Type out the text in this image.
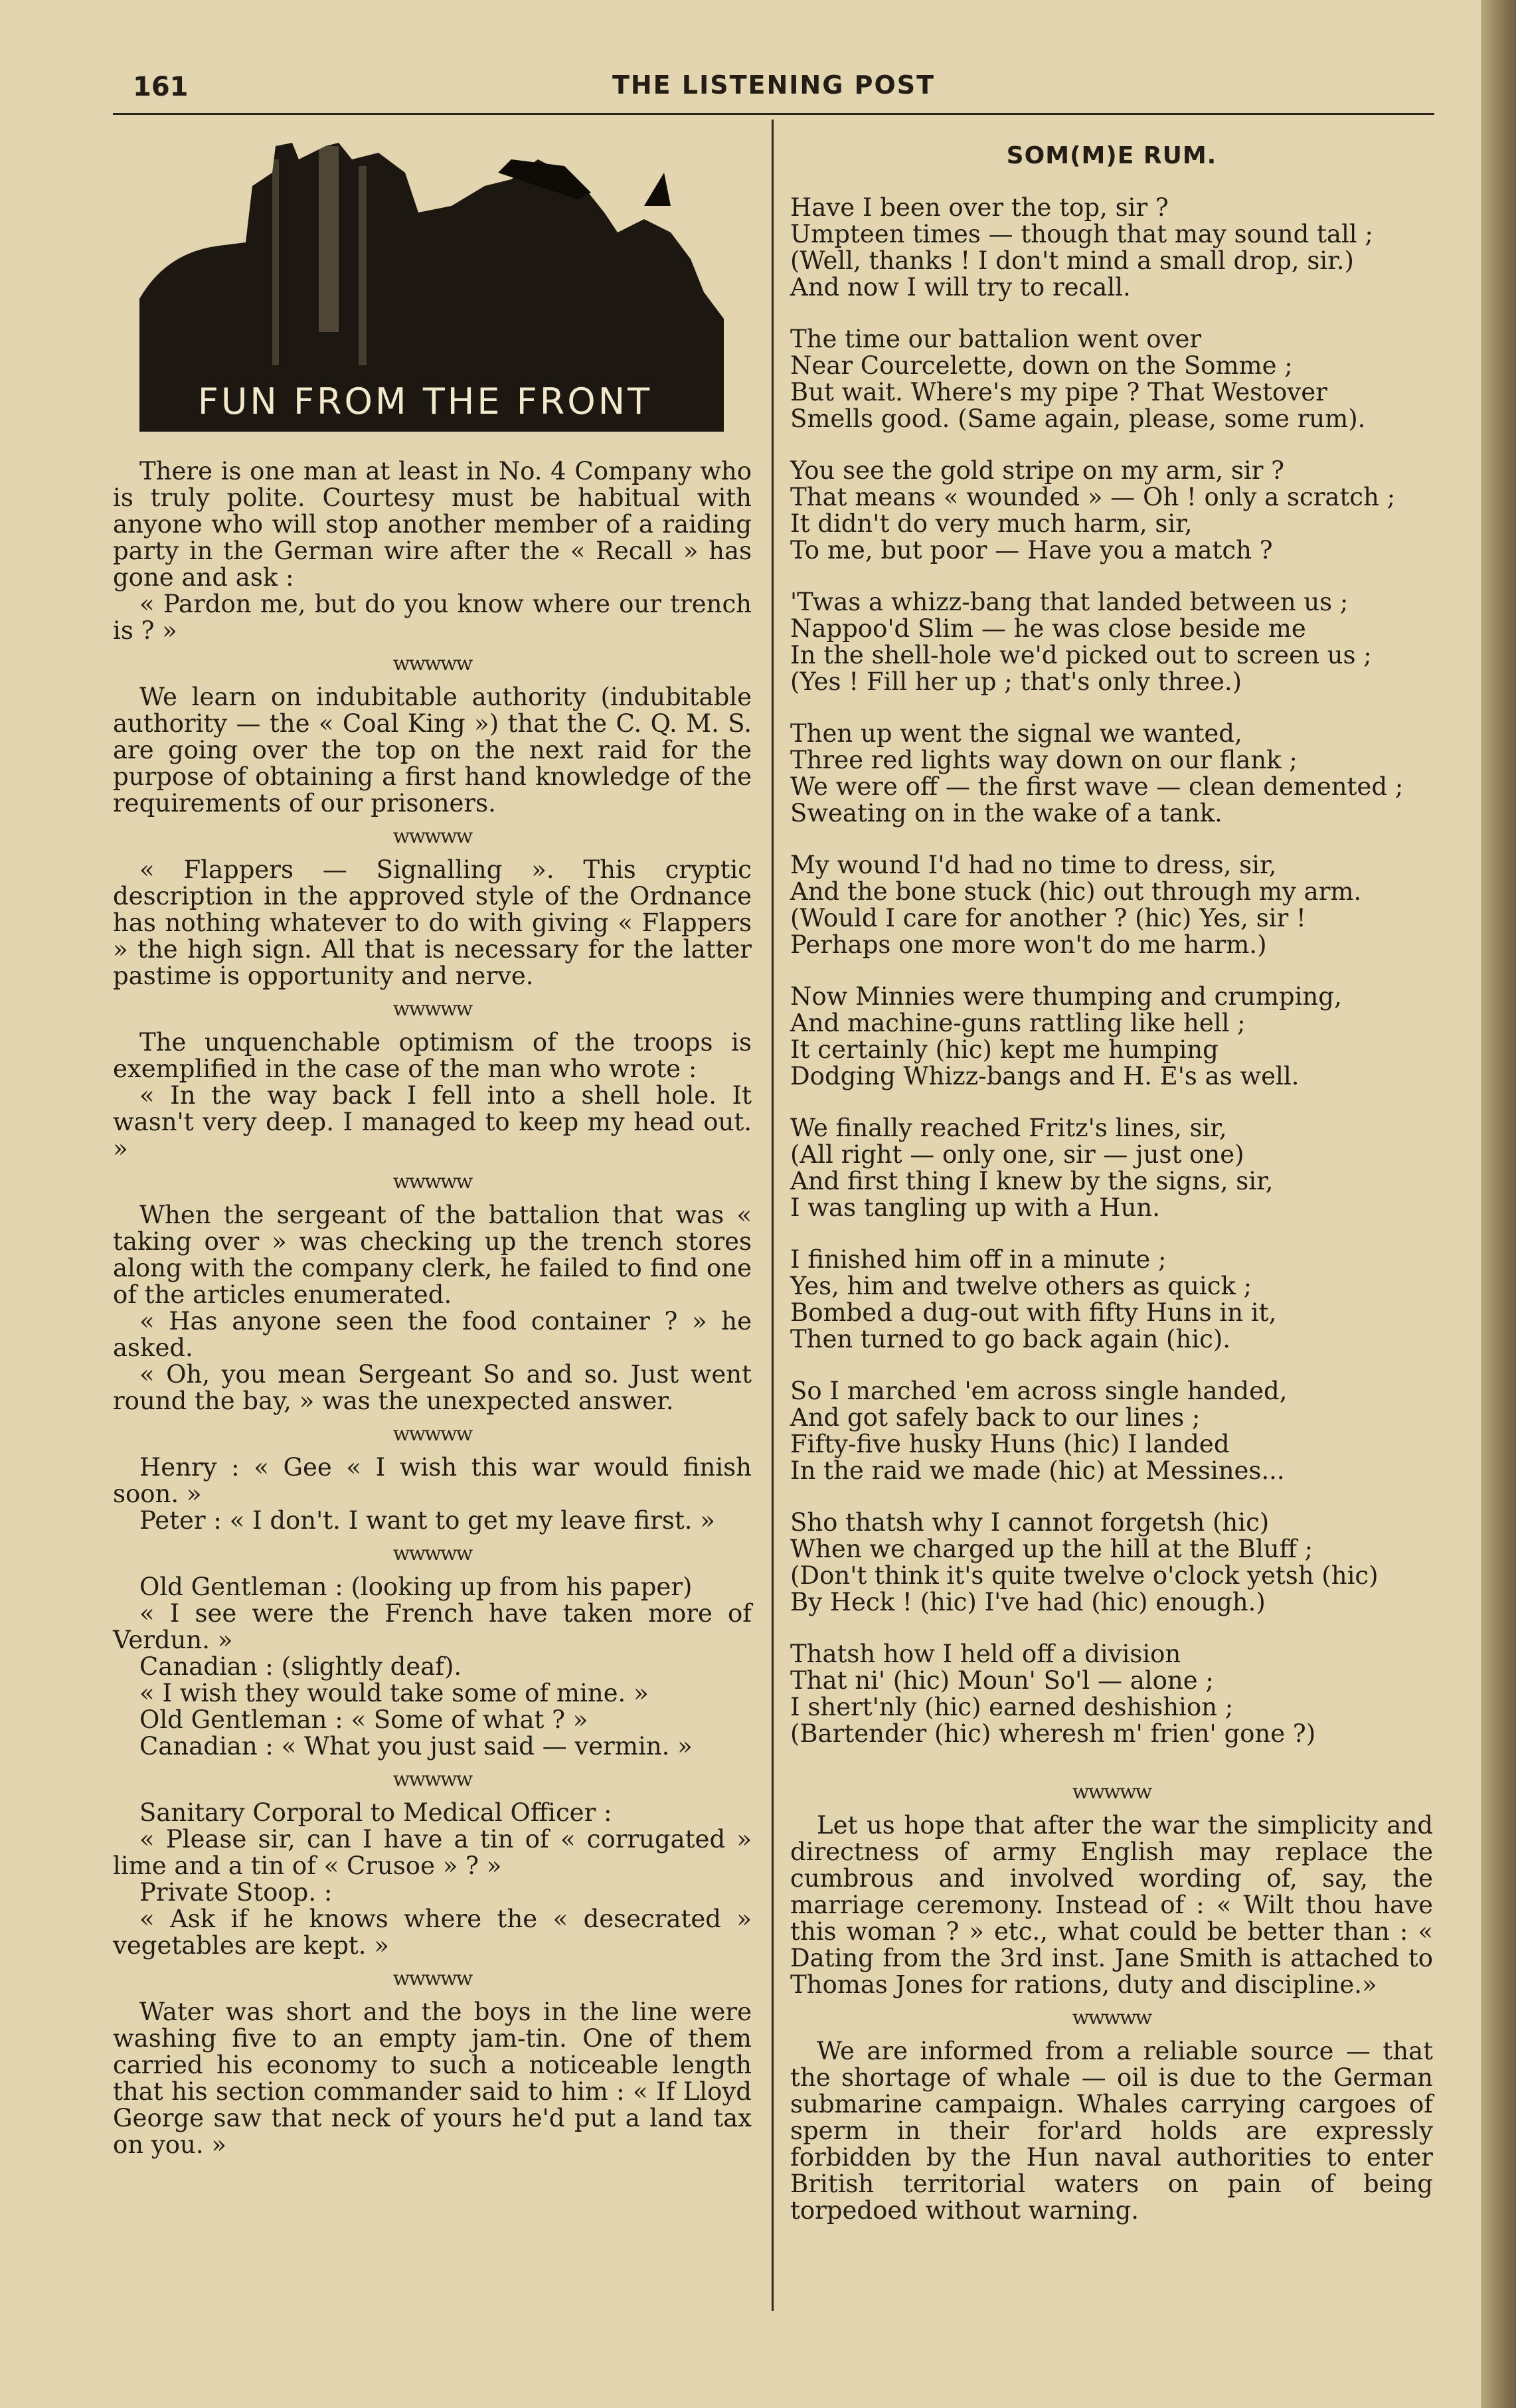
161	THE LISTENING POST
FUN FROM THE FRONT

There is one man at least in No. 4 Company who is truly polite. Courtesy must be habitual with anyone who will stop another member of a raiding party in the German wire after the « Recall » has gone and ask :

« Pardon me, but do you know where our trench is ? »

wwwww

We learn on indubitable authority (indubitable authority — the « Coal King ») that the C. Q. M. S. are going over the top on the next raid for the purpose of obtaining a first hand knowledge of the requirements of our prisoners.

wwwww

« Flappers — Signalling ». This cryptic description in the approved style of the Ordnance has nothing whatever to do with giving « Flappers » the high sign. All that is necessary for the latter pastime is opportunity and nerve.

wwwww

The unquenchable optimism of the troops is exemplified in the case of the man who wrote :

« In the way back I fell into a shell hole. It wasn't very deep. I managed to keep my head out. »

wwwww

When the sergeant of the battalion that was « taking over » was checking up the trench stores along with the company clerk, he failed to find one of the articles enumerated.

« Has anyone seen the food container ? » he asked.

« Oh, you mean Sergeant So and so. Just went round the bay, » was the unexpected answer.

wwwww

Henry : « Gee « I wish this war would finish soon. »

Peter : « I don't. I want to get my leave first. »

wwwww

Old Gentleman : (looking up from his paper)

« I see were the French have taken more of Verdun. »

Canadian : (slightly deaf).

« I wish they would take some of mine. »

Old Gentleman : « Some of what ? »

Canadian : « What you just said — vermin. »

wwwww

Sanitary Corporal to Medical Officer :

« Please sir, can I have a tin of « corrugated » lime and a tin of « Crusoe » ? »

Private Stoop. :

« Ask if he knows where the « desecrated » vegetables are kept. »

wwwww

Water was short and the boys in the line were washing five to an empty jam-tin. One of them carried his economy to such a noticeable length that his section commander said to him : « If Lloyd George saw that neck of yours he'd put a land tax on you. »

SOM(M)E RUM.
Have I been over the top, sir ?
Umpteen times — though that may sound tall ;
(Well, thanks ! I don't mind a small drop, sir.)
And now I will try to recall.
The time our battalion went over
Near Courcelette, down on the Somme ;
But wait. Where's my pipe ? That Westover
Smells good. (Same again, please, some rum).
You see the gold stripe on my arm, sir ?
That means « wounded » — Oh ! only a scratch ;
It didn't do very much harm, sir,
To me, but poor — Have you a match ?
'Twas a whizz-bang that landed between us ;
Nappoo'd Slim — he was close beside me
In the shell-hole we'd picked out to screen us ;
(Yes ! Fill her up ; that's only three.)
Then up went the signal we wanted,
Three red lights way down on our flank ;
We were off — the first wave — clean demented ;
Sweating on in the wake of a tank.
My wound I'd had no time to dress, sir,
And the bone stuck (hic) out through my arm.
(Would I care for another ? (hic) Yes, sir !
Perhaps one more won't do me harm.)
Now Minnies were thumping and crumping,
And machine-guns rattling like hell ;
It certainly (hic) kept me humping
Dodging Whizz-bangs and H. E's as well.
We finally reached Fritz's lines, sir,
(All right — only one, sir — just one)
And first thing I knew by the signs, sir,
I was tangling up with a Hun.
I finished him off in a minute ;
Yes, him and twelve others as quick ;
Bombed a dug-out with fifty Huns in it,
Then turned to go back again (hic).
So I marched 'em across single handed,
And got safely back to our lines ;
Fifty-five husky Huns (hic) I landed
In the raid we made (hic) at Messines...
Sho thatsh why I cannot forgetsh (hic)
When we charged up the hill at the Bluff ;
(Don't think it's quite twelve o'clock yetsh (hic)
By Heck ! (hic) I've had (hic) enough.)
Thatsh how I held off a division
That ni' (hic) Moun' So'l — alone ;
I shert'nly (hic) earned deshishion ;
(Bartender (hic) wheresh m' frien' gone ?)
wwwww

Let us hope that after the war the simplicity and directness of army English may replace the cumbrous and involved wording of, say, the marriage ceremony. Instead of : « Wilt thou have this woman ? » etc., what could be better than : « Dating from the 3rd inst. Jane Smith is attached to Thomas Jones for rations, duty and discipline.»

wwwww

We are informed from a reliable source — that the shortage of whale — oil is due to the German submarine campaign. Whales carrying cargoes of sperm in their for'ard holds are expressly forbidden by the Hun naval authorities to enter British territorial waters on pain of being torpedoed without warning.
